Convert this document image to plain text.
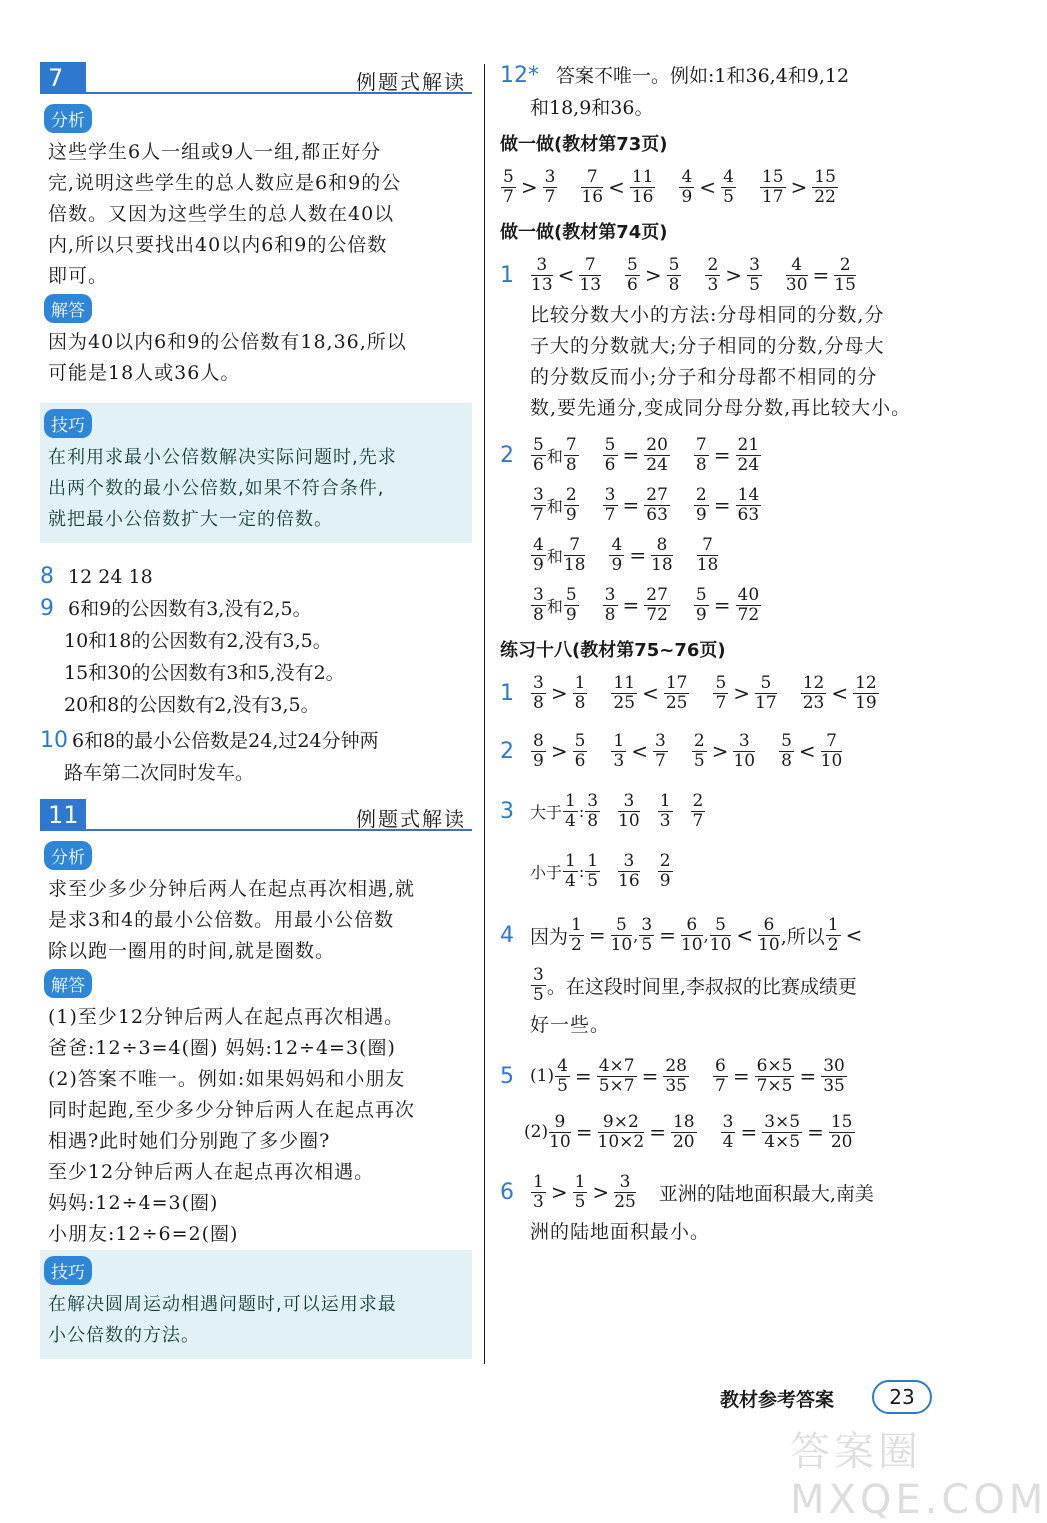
7	例题式解读
分析
这些学生6人一组或9人一组,都正好分
完,说明这些学生的总人数应是6和9的公
倍数。又因为这些学生的总人数在40以
内,所以只要找出40以内6和9的公倍数
即可。
解答
因为40以内6和9的公倍数有18,36,所以
可能是18人或36人。
技巧
在利用求最小公倍数解决实际问题时,先求
出两个数的最小公倍数,如果不符合条件,
就把最小公倍数扩大一定的倍数。
8 12 24 18
9 6和9的公因数有3,没有2,5。
10和18的公因数有2,没有3,5。
15和30的公因数有3和5,没有2。
20和8的公因数有2,没有3,5。
10 6和8的最小公倍数是24,过24分钟两
路车第二次同时发车。
11	例题式解读
分析
求至少多少分钟后两人在起点再次相遇,就
是求3和4的最小公倍数。用最小公倍数
除以跑一圈用的时间,就是圈数。
解答
(1)至少12分钟后两人在起点再次相遇。
爸爸:12÷3=4(圈) 妈妈:12÷4=3(圈)
(2)答案不唯一。例如:如果妈妈和小朋友
同时起跑,至少多少分钟后两人在起点再次
相遇?此时她们分别跑了多少圈?
至少12分钟后两人在起点再次相遇。
妈妈:12÷4=3(圈)
小朋友:12÷6=2(圈)
技巧
在解决圆周运动相遇问题时,可以运用求最
小公倍数的方法。
12* 答案不唯一。例如:1和36,4和9,12
和18,9和36。
做一做(教材第73页)
$\frac{5}{7} > \frac{3}{7} \frac{7}{16} < \frac{11}{16} \frac{4}{9} < \frac{4}{5} \frac{15}{17} > \frac{15}{22}$
做一做(教材第74页)
1	$\frac{3}{13} < \frac{7}{13} \frac{5}{6} > \frac{5}{8} \frac{2}{3} > \frac{3}{5} \frac{4}{30} = \frac{2}{15}$
比较分数大小的方法:分母相同的分数,分
子大的分数就大;分子相同的分数,分母大
的分数反而小;分子和分母都不相同的分
数,要先通分,变成同分母分数,再比较大小。
2	$\frac{5}{6}$ 和 $\frac{7}{8} \frac{5}{6} = \frac{20}{24} \frac{7}{8} = \frac{21}{24}$
$\frac{3}{7}$ 和 $\frac{2}{9} \frac{3}{7} = \frac{27}{63} \frac{2}{9} = \frac{14}{63}$
$\frac{4}{9}$ 和 $\frac{7}{18} \frac{4}{9} = \frac{8}{18} \frac{7}{18}$
$\frac{3}{8}$ 和 $\frac{5}{9} \frac{3}{8} = \frac{27}{72} \frac{5}{9} = \frac{40}{72}$
练习十八(教材第75~76页)
1	$\frac{3}{8} > \frac{1}{8} \frac{11}{25} < \frac{17}{25} \frac{5}{7} > \frac{5}{17} \frac{12}{23} < \frac{12}{19}$
2	$\frac{8}{9} > \frac{5}{6} \frac{1}{3} < \frac{3}{7} \frac{2}{5} > \frac{3}{10} \frac{5}{8} < \frac{7}{10}$
3	大于 $\frac{1}{4}$ : $\frac{3}{8} \frac{3}{10} \frac{1}{3} \frac{2}{7}$
小于 $\frac{1}{4}$ : $\frac{1}{5} \frac{3}{16} \frac{2}{9}$
4 因为 $\frac{1}{2} = \frac{5}{10}$ , $\frac{3}{5} = \frac{6}{10}$ , $\frac{5}{10} < \frac{6}{10}$ ,所以 $\frac{1}{2}$ <
$\frac{3}{5}$ 。在这段时间里,李叔叔的比赛成绩更
好一些。
5 $(1) \frac{4}{5} = \frac{4\times 7}{5\times 7} = \frac{28}{35} \frac{6}{7} = \frac{6\times 5}{7\times 5} = \frac{30}{35}$
$(2) \frac{9}{10} = \frac{9\times 2}{10\times 2} = \frac{18}{20} \frac{3}{4} = \frac{3\times 5}{4\times 5} = \frac{15}{20}$
6	$\frac{1}{3} > \frac{1}{5} > \frac{3}{25}$ 亚洲的陆地面积最大,南美
洲的陆地面积最小。
教材参考答案	23
答案圈 MXQE.COM
